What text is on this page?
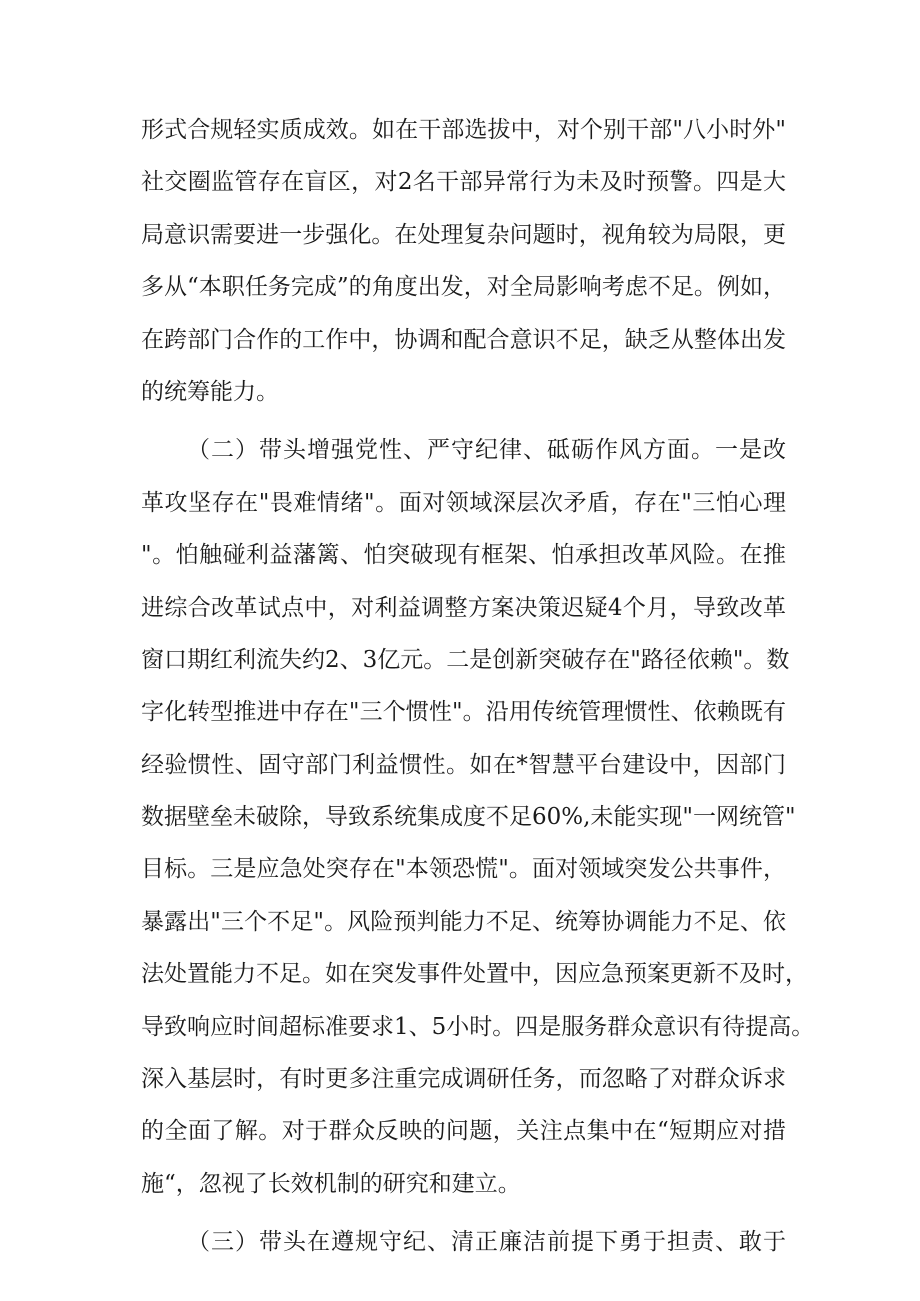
形式合规轻实质成效。如在干部选拔中，对个别干部"八小时外"
社交圈监管存在盲区，对2名干部异常行为未及时预警。四是大
局意识需要进一步强化。在处理复杂问题时，视角较为局限，更
多从“本职任务完成”的角度出发，对全局影响考虑不足。例如，
在跨部门合作的工作中，协调和配合意识不足，缺乏从整体出发
的统筹能力。
（二）带头增强党性、严守纪律、砥砺作风方面。一是改
革攻坚存在"畏难情绪"。面对领域深层次矛盾，存在"三怕心理
"。怕触碰利益藩篱、怕突破现有框架、怕承担改革风险。在推
进综合改革试点中，对利益调整方案决策迟疑4个月，导致改革
窗口期红利流失约2、3亿元。二是创新突破存在"路径依赖"。数
字化转型推进中存在"三个惯性"。沿用传统管理惯性、依赖既有
经验惯性、固守部门利益惯性。如在*智慧平台建设中，因部门
数据壁垒未破除，导致系统集成度不足60%,未能实现"一网统管"
目标。三是应急处突存在"本领恐慌"。面对领域突发公共事件，
暴露出"三个不足"。风险预判能力不足、统筹协调能力不足、依
法处置能力不足。如在突发事件处置中，因应急预案更新不及时，
导致响应时间超标准要求1、5小时。四是服务群众意识有待提高。
深入基层时，有时更多注重完成调研任务，而忽略了对群众诉求
的全面了解。对于群众反映的问题，关注点集中在“短期应对措
施“，忽视了长效机制的研究和建立。
（三）带头在遵规守纪、清正廉洁前提下勇于担责、敢于
